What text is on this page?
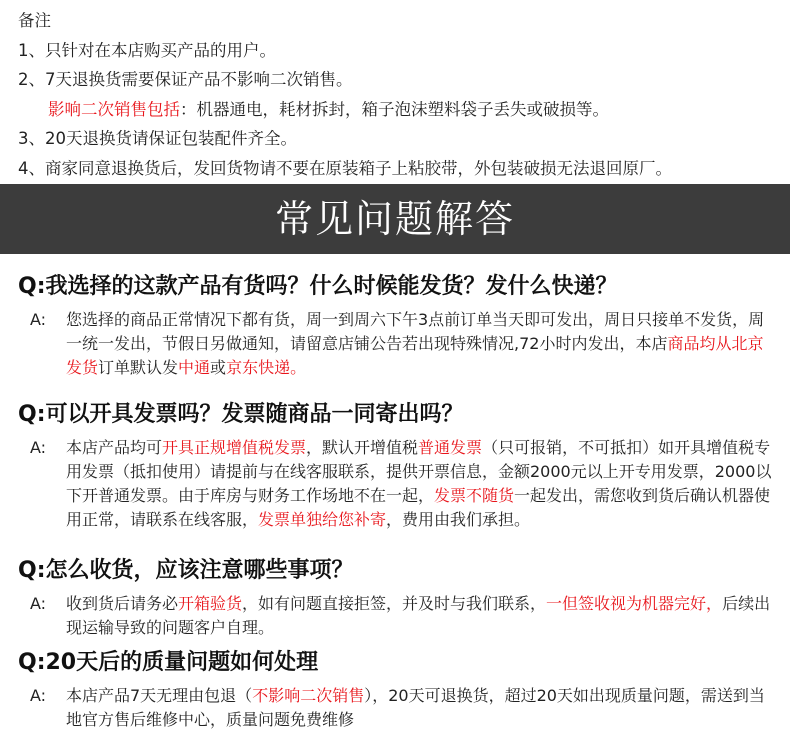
备注
1、只针对在本店购买产品的用户。
2、7天退换货需要保证产品不影响二次销售。
影响二次销售包括：机器通电，耗材拆封，箱子泡沫塑料袋子丢失或破损等。
3、20天退换货请保证包装配件齐全。
4、商家同意退换货后，发回货物请不要在原装箱子上粘胶带，外包装破损无法退回原厂。
常见问题解答
Q:我选择的这款产品有货吗？什么时候能发货？发什么快递？
A:	您选择的商品正常情况下都有货，周一到周六下午3点前订单当天即可发出，周日只接单不发货，周一统一发出，节假日另做通知，请留意店铺公告若出现特殊情况,72小时内发出，本店商品均从北京发货订单默认发中通或京东快递。
Q:可以开具发票吗？发票随商品一同寄出吗？
A:	本店产品均可开具正规增值税发票，默认开增值税普通发票（只可报销，不可抵扣）如开具增值税专用发票（抵扣使用）请提前与在线客服联系，提供开票信息，金额2000元以上开专用发票，2000以下开普通发票。由于库房与财务工作场地不在一起，发票不随货一起发出，需您收到货后确认机器使用正常，请联系在线客服，发票单独给您补寄，费用由我们承担。
Q:怎么收货，应该注意哪些事项？
A:	收到货后请务必开箱验货，如有问题直接拒签，并及时与我们联系，一但签收视为机器完好，后续出现运输导致的问题客户自理。
Q:20天后的质量问题如何处理
A:	本店产品7天无理由包退（不影响二次销售），20天可退换货，超过20天如出现质量问题，需送到当地官方售后维修中心，质量问题免费维修
